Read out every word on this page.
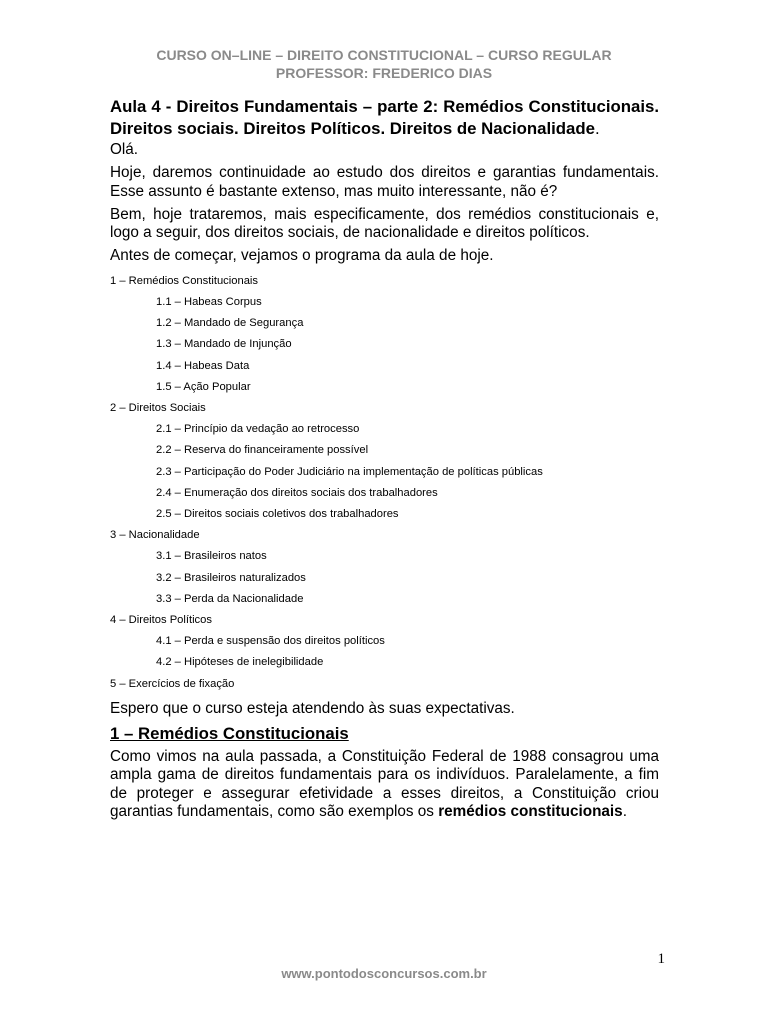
CURSO ON–LINE – DIREITO CONSTITUCIONAL – CURSO REGULAR
PROFESSOR: FREDERICO DIAS
Aula 4 - Direitos Fundamentais – parte 2: Remédios Constitucionais. Direitos sociais. Direitos Políticos. Direitos de Nacionalidade.
Olá.
Hoje, daremos continuidade ao estudo dos direitos e garantias fundamentais. Esse assunto é bastante extenso, mas muito interessante, não é?
Bem, hoje trataremos, mais especificamente, dos remédios constitucionais e, logo a seguir, dos direitos sociais, de nacionalidade e direitos políticos.
Antes de começar, vejamos o programa da aula de hoje.
1 – Remédios Constitucionais
1.1 – Habeas Corpus
1.2 – Mandado de Segurança
1.3 – Mandado de Injunção
1.4 – Habeas Data
1.5 – Ação Popular
2 – Direitos Sociais
2.1 – Princípio da vedação ao retrocesso
2.2 – Reserva do financeiramente possível
2.3 – Participação do Poder Judiciário na implementação de políticas públicas
2.4 – Enumeração dos direitos sociais dos trabalhadores
2.5 – Direitos sociais coletivos dos trabalhadores
3 – Nacionalidade
3.1 – Brasileiros natos
3.2 – Brasileiros naturalizados
3.3 – Perda da Nacionalidade
4 – Direitos Políticos
4.1 – Perda e suspensão dos direitos políticos
4.2 – Hipóteses de inelegibilidade
5 – Exercícios de fixação
Espero que o curso esteja atendendo às suas expectativas.
1 – Remédios Constitucionais
Como vimos na aula passada, a Constituição Federal de 1988 consagrou uma ampla gama de direitos fundamentais para os indivíduos. Paralelamente, a fim de proteger e assegurar efetividade a esses direitos, a Constituição criou garantias fundamentais, como são exemplos os remédios constitucionais.
1
www.pontodosconcursos.com.br
